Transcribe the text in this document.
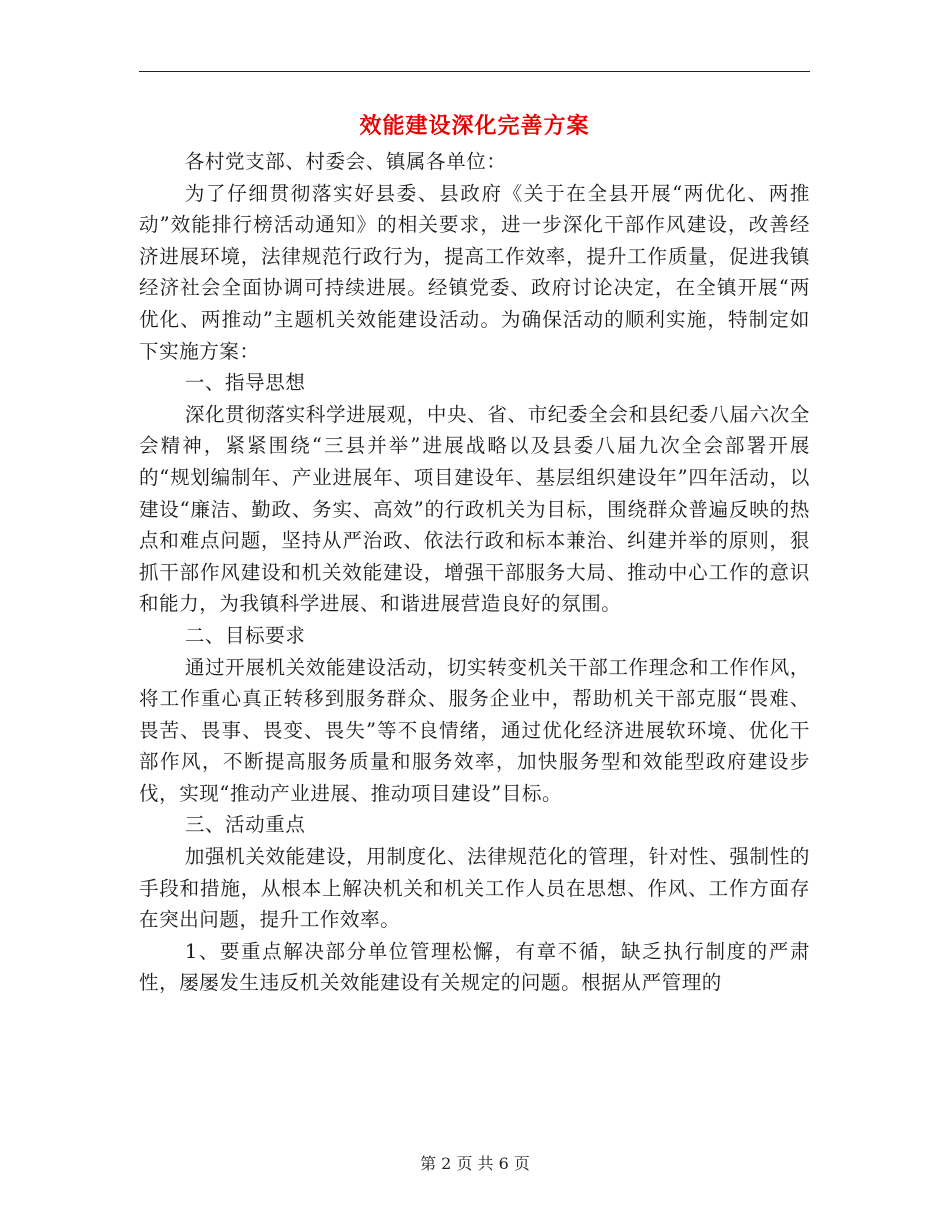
效能建设深化完善方案

各村党支部、村委会、镇属各单位：

为了仔细贯彻落实好县委、县政府《关于在全县开展“两优化、两推动”效能排行榜活动通知》的相关要求，进一步深化干部作风建设，改善经济进展环境，法律规范行政行为，提高工作效率，提升工作质量，促进我镇经济社会全面协调可持续进展。经镇党委、政府讨论决定，在全镇开展“两优化、两推动”主题机关效能建设活动。为确保活动的顺利实施，特制定如下实施方案：

一、指导思想

深化贯彻落实科学进展观，中央、省、市纪委全会和县纪委八届六次全会精神，紧紧围绕“三县并举”进展战略以及县委八届九次全会部署开展的“规划编制年、产业进展年、项目建设年、基层组织建设年”四年活动，以建设“廉洁、勤政、务实、高效”的行政机关为目标，围绕群众普遍反映的热点和难点问题，坚持从严治政、依法行政和标本兼治、纠建并举的原则，狠抓干部作风建设和机关效能建设，增强干部服务大局、推动中心工作的意识和能力，为我镇科学进展、和谐进展营造良好的氛围。

二、目标要求

通过开展机关效能建设活动，切实转变机关干部工作理念和工作作风，将工作重心真正转移到服务群众、服务企业中，帮助机关干部克服“畏难、畏苦、畏事、畏变、畏失”等不良情绪，通过优化经济进展软环境、优化干部作风，不断提高服务质量和服务效率，加快服务型和效能型政府建设步伐，实现“推动产业进展、推动项目建设”目标。

三、活动重点

加强机关效能建设，用制度化、法律规范化的管理，针对性、强制性的手段和措施，从根本上解决机关和机关工作人员在思想、作风、工作方面存在突出问题，提升工作效率。

1、要重点解决部分单位管理松懈，有章不循，缺乏执行制度的严肃性，屡屡发生违反机关效能建设有关规定的问题。根据从严管理的

第 2 页 共 6 页
